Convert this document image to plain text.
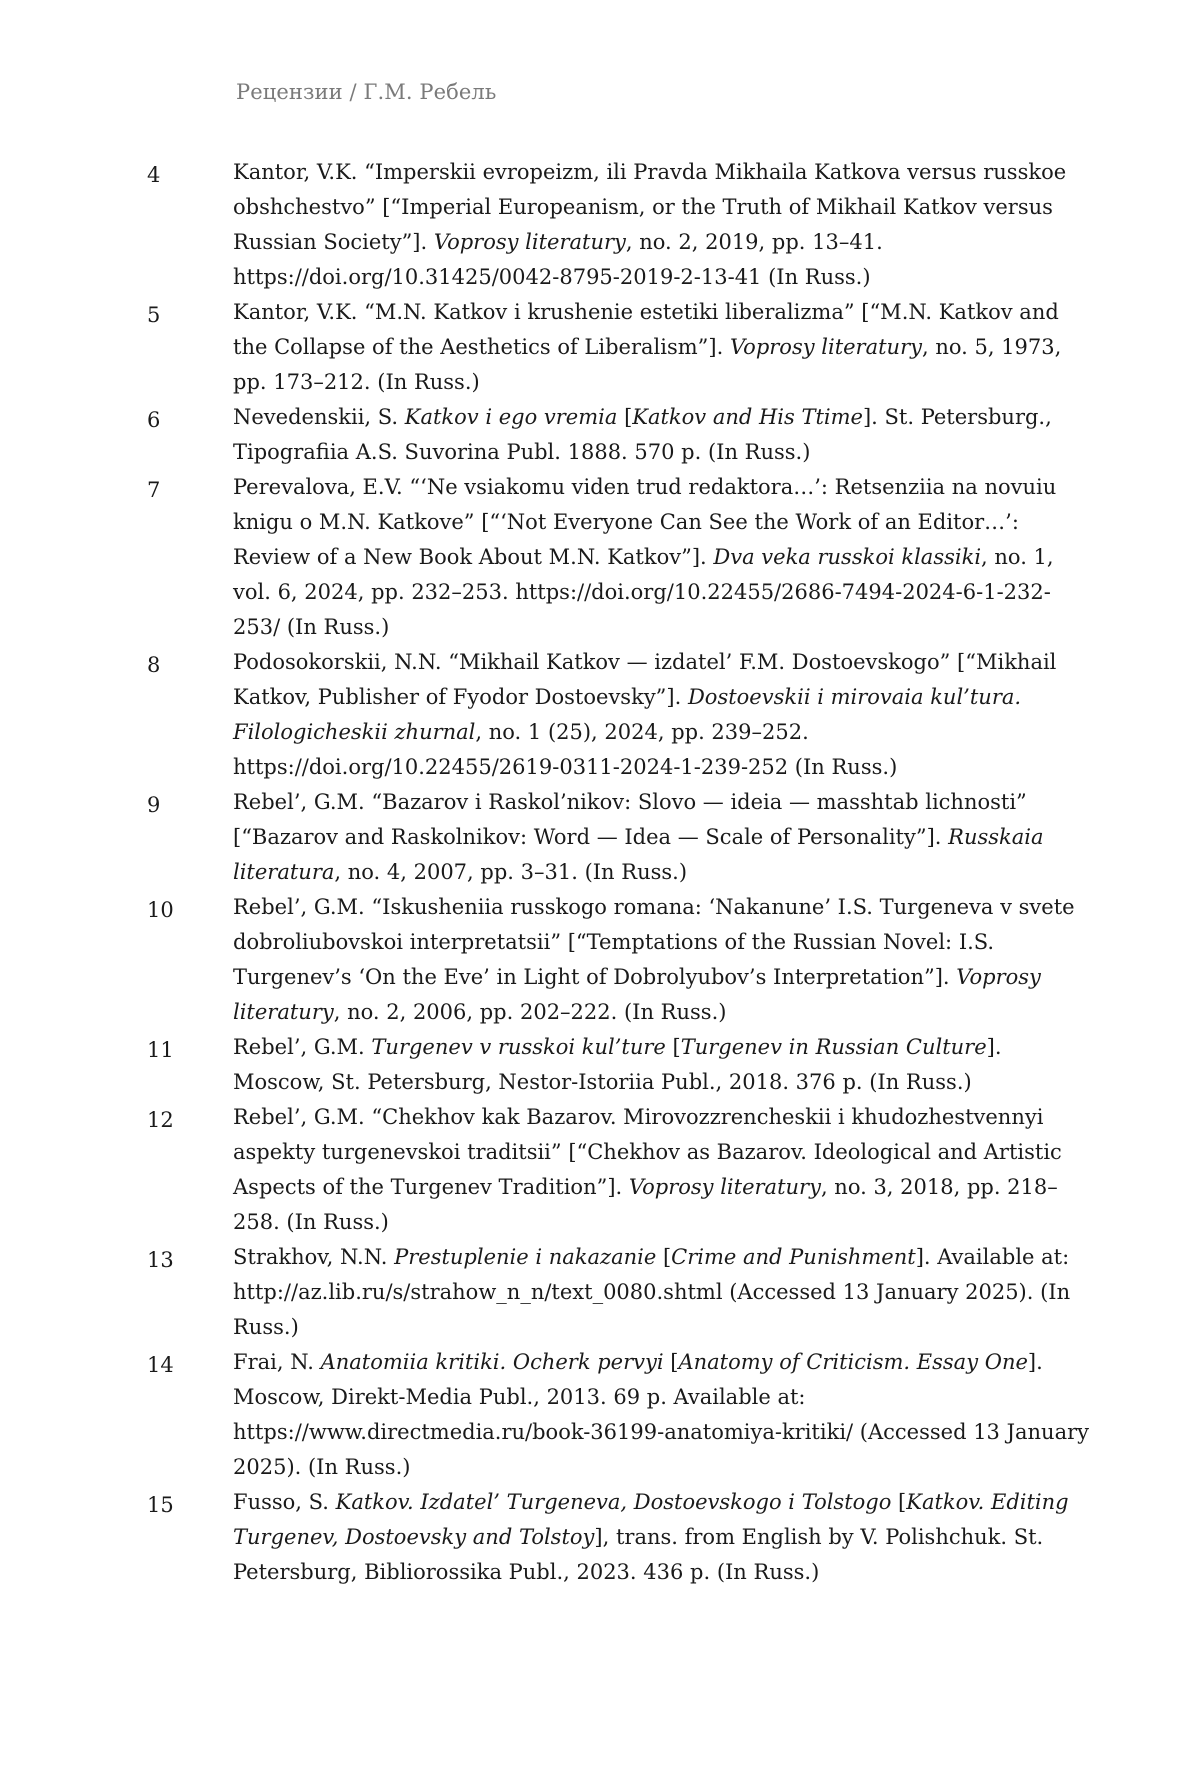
Рецензии / Г.М. Ребель
4	Kantor, V.K. “Imperskii evropeizm, ili Pravda Mikhaila Katkova versus russkoe obshchestvo” [“Imperial Europeanism, or the Truth of Mikhail Katkov versus Russian Society”]. Voprosy literatury, no. 2, 2019, pp. 13–41. https://doi.org/10.31425/0042-8795-2019-2-13-41 (In Russ.)
5	Kantor, V.K. “M.N. Katkov i krushenie estetiki liberalizma” [“M.N. Katkov and the Collapse of the Aesthetics of Liberalism”]. Voprosy literatury, no. 5, 1973, pp. 173–212. (In Russ.)
6	Nevedenskii, S. Katkov i ego vremia [Katkov and His Ttime]. St. Petersburg., Tipografiia A.S. Suvorina Publ. 1888. 570 p. (In Russ.)
7	Perevalova, E.V. “‘Ne vsiakomu viden trud redaktora…’: Retsenziia na novuiu knigu o M.N. Katkove” [“‘Not Everyone Can See the Work of an Editor…’: Review of a New Book About M.N. Katkov”]. Dva veka russkoi klassiki, no. 1, vol. 6, 2024, pp. 232–253. https://doi.org/10.22455/2686-7494-2024-6-1-232-253/ (In Russ.)
8	Podosokorskii, N.N. “Mikhail Katkov — izdatel’ F.M. Dostoevskogo” [“Mikhail Katkov, Publisher of Fyodor Dostoevsky”]. Dostoevskii i mirovaia kul’tura. Filologicheskii zhurnal, no. 1 (25), 2024, pp. 239–252. https://doi.org/10.22455/2619-0311-2024-1-239-252 (In Russ.)
9	Rebel’, G.M. “Bazarov i Raskol’nikov: Slovo — ideia — masshtab lichnosti” [“Bazarov and Raskolnikov: Word — Idea — Scale of Personality”]. Russkaia literatura, no. 4, 2007, pp. 3–31. (In Russ.)
10	Rebel’, G.M. “Iskusheniia russkogo romana: ‘Nakanune’ I.S. Turgeneva v svete dobroliubovskoi interpretatsii” [“Temptations of the Russian Novel: I.S. Turgenev’s ‘On the Eve’ in Light of Dobrolyubov’s Interpretation”]. Voprosy literatury, no. 2, 2006, pp. 202–222. (In Russ.)
11	Rebel’, G.M. Turgenev v russkoi kul’ture [Turgenev in Russian Culture]. Moscow, St. Petersburg, Nestor-Istoriia Publ., 2018. 376 p. (In Russ.)
12	Rebel’, G.M. “Chekhov kak Bazarov. Mirovozzrencheskii i khudozhestvennyi aspekty turgenevskoi traditsii” [“Chekhov as Bazarov. Ideological and Artistic Aspects of the Turgenev Tradition”]. Voprosy literatury, no. 3, 2018, pp. 218–258. (In Russ.)
13	Strakhov, N.N. Prestuplenie i nakazanie [Crime and Punishment]. Available at: http://az.lib.ru/s/strahow_n_n/text_0080.shtml (Accessed 13 January 2025). (In Russ.)
14	Frai, N. Anatomiia kritiki. Ocherk pervyi [Anatomy of Criticism. Essay One]. Moscow, Direkt-Media Publ., 2013. 69 p. Available at: https://www.directmedia.ru/book-36199-anatomiya-kritiki/ (Accessed 13 January 2025). (In Russ.)
15	Fusso, S. Katkov. Izdatel’ Turgeneva, Dostoevskogo i Tolstogo [Katkov. Editing Turgenev, Dostoevsky and Tolstoy], trans. from English by V. Polishchuk. St. Petersburg, Bibliorossika Publ., 2023. 436 p. (In Russ.)
